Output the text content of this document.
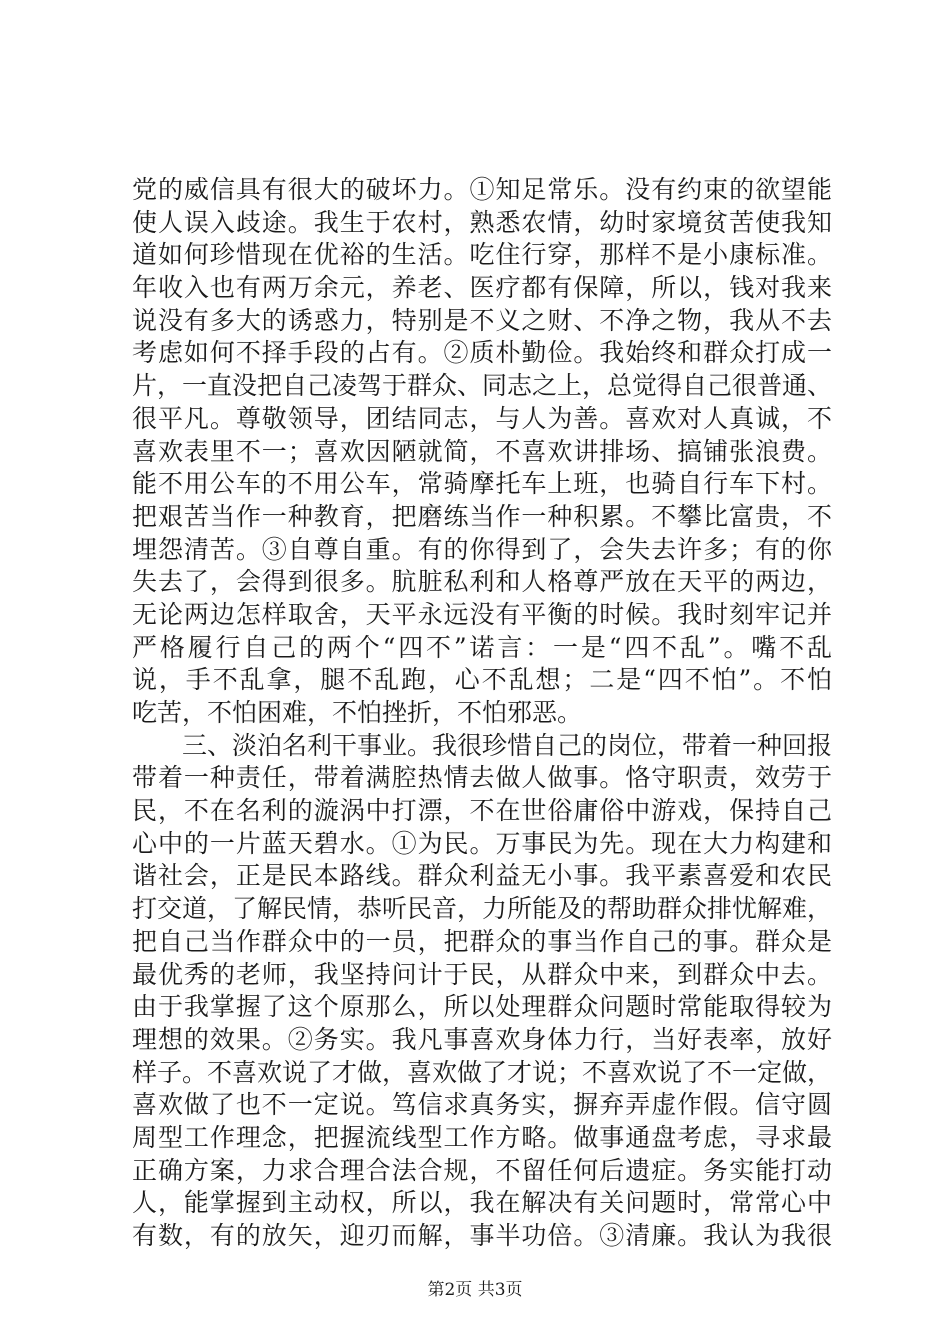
党的威信具有很大的破坏力。①知足常乐。没有约束的欲望能
使人误入歧途。我生于农村，熟悉农情，幼时家境贫苦使我知
道如何珍惜现在优裕的生活。吃住行穿，那样不是小康标准。
年收入也有两万余元，养老、医疗都有保障，所以，钱对我来
说没有多大的诱惑力，特别是不义之财、不净之物，我从不去
考虑如何不择手段的占有。②质朴勤俭。我始终和群众打成一
片，一直没把自己凌驾于群众、同志之上，总觉得自己很普通、
很平凡。尊敬领导，团结同志，与人为善。喜欢对人真诚，不
喜欢表里不一；喜欢因陋就简，不喜欢讲排场、搞铺张浪费。
能不用公车的不用公车，常骑摩托车上班，也骑自行车下村。
把艰苦当作一种教育，把磨练当作一种积累。不攀比富贵，不
埋怨清苦。③自尊自重。有的你得到了，会失去许多；有的你
失去了，会得到很多。肮脏私利和人格尊严放在天平的两边，
无论两边怎样取舍，天平永远没有平衡的时候。我时刻牢记并
严格履行自己的两个“四不”诺言：一是“四不乱”。嘴不乱
说，手不乱拿，腿不乱跑，心不乱想；二是“四不怕”。不怕
吃苦，不怕困难，不怕挫折，不怕邪恶。
三、淡泊名利干事业。我很珍惜自己的岗位，带着一种回报
带着一种责任，带着满腔热情去做人做事。恪守职责，效劳于
民，不在名利的漩涡中打漂，不在世俗庸俗中游戏，保持自己
心中的一片蓝天碧水。①为民。万事民为先。现在大力构建和
谐社会，正是民本路线。群众利益无小事。我平素喜爱和农民
打交道，了解民情，恭听民音，力所能及的帮助群众排忧解难，
把自己当作群众中的一员，把群众的事当作自己的事。群众是
最优秀的老师，我坚持问计于民，从群众中来，到群众中去。
由于我掌握了这个原那么，所以处理群众问题时常能取得较为
理想的效果。②务实。我凡事喜欢身体力行，当好表率，放好
样子。不喜欢说了才做，喜欢做了才说；不喜欢说了不一定做，
喜欢做了也不一定说。笃信求真务实，摒弃弄虚作假。信守圆
周型工作理念，把握流线型工作方略。做事通盘考虑，寻求最
正确方案，力求合理合法合规，不留任何后遗症。务实能打动
人，能掌握到主动权，所以，我在解决有关问题时，常常心中
有数，有的放矢，迎刃而解，事半功倍。③清廉。我认为我很
第2页 共3页
